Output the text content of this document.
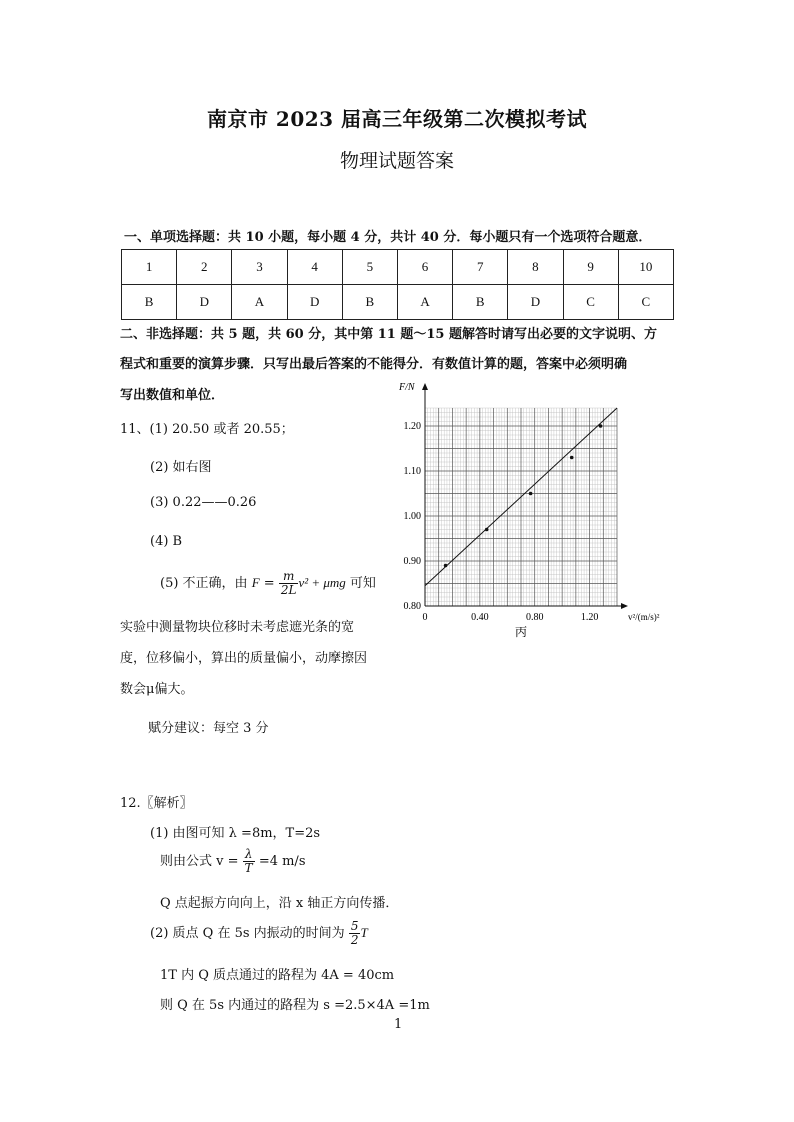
南京市 2023 届高三年级第二次模拟考试
物理试题答案
一、单项选择题：共 10 小题，每小题 4 分，共计 40 分．每小题只有一个选项符合题意．
1	2	3	4	5	6	7	8	9	10
B	D	A	D	B	A	B	D	C	C
二、非选择题：共 5 题，共 60 分，其中第 11 题～15 题解答时请写出必要的文字说明、方
程式和重要的演算步骤．只写出最后答案的不能得分．有数值计算的题，答案中必须明确
写出数值和单位．
11、(1) 20.50 或者 20.55；
(2) 如右图
(3) 0.22——0.26
(4) B
(5) 不正确，由 $F = \frac{m}{2L} v^2 + \mu mg$ 可知
实验中测量物块位移时未考虑遮光条的宽
度，位移偏小，算出的质量偏小，动摩擦因
数会μ偏大。
赋分建议：每空 3 分
F/N
v²/(m/s)²
0.90
1.00
1.10
1.20
0.80
0	0.40	0.80	1.20
丙
12.〖解析〗
(1) 由图可知 λ =8m，T=2s
则由公式 $v = \frac{\lambda}{T} =4$ m/s
Q 点起振方向向上，沿 x 轴正方向传播．
(2) 质点 Q 在 5s 内振动的时间为 $\frac{5}{2}$ T
1T 内 Q 质点通过的路程为 4A = 40cm
则 Q 在 5s 内通过的路程为 s =2.5×4A =1m
1
